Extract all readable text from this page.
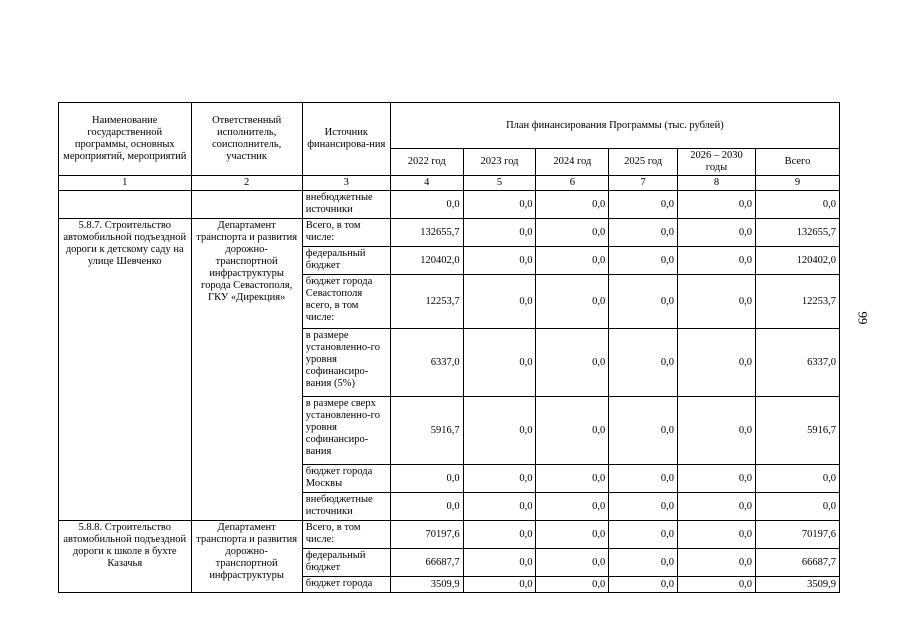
Наименование государственной программы, основных мероприятий, мероприятий	Ответственный исполнитель, соисполнитель, участник	Источник финансирова-ния	План финансирования Программы (тыс. рублей)					
			2022 год	2023 год	2024 год	2025 год	2026 – 2030 годы	Всего
1	2	3	4	5	6	7	8	9
		внебюджетные источники	0,0	0,0	0,0	0,0	0,0	0,0
5.8.7. Строительство автомобильной подъездной дороги к детскому саду на улице Шевченко	Департамент транспорта и развития дорожно-транспортной инфраструктуры города Севастополя, ГКУ «Дирекция»	Всего, в том числе:	132655,7	0,0	0,0	0,0	0,0	132655,7
		федеральный бюджет	120402,0	0,0	0,0	0,0	0,0	120402,0
		бюджет города Севастополя всего, в том числе:	12253,7	0,0	0,0	0,0	0,0	12253,7
		в размере установленно-го уровня софинансиро-вания (5%)	6337,0	0,0	0,0	0,0	0,0	6337,0
		в размере сверх установленно-го уровня софинансиро-вания	5916,7	0,0	0,0	0,0	0,0	5916,7
		бюджет города Москвы	0,0	0,0	0,0	0,0	0,0	0,0
		внебюджетные источники	0,0	0,0	0,0	0,0	0,0	0,0
5.8.8. Строительство автомобильной подъездной дороги к школе в бухте Казачья	Департамент транспорта и развития дорожно-транспортной инфраструктуры	Всего, в том числе:	70197,6	0,0	0,0	0,0	0,0	70197,6
		федеральный бюджет	66687,7	0,0	0,0	0,0	0,0	66687,7
		бюджет города	3509,9	0,0	0,0	0,0	0,0	3509,9
99
